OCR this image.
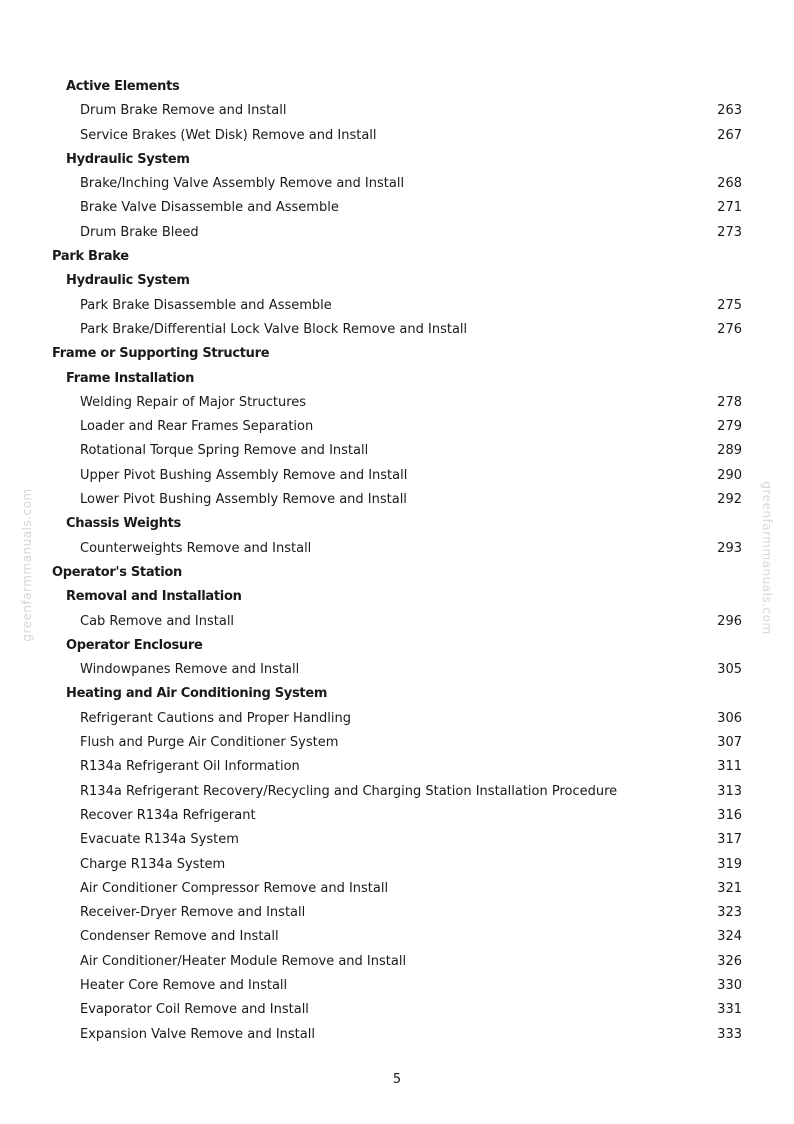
Active Elements
Drum Brake Remove and Install	263
Service Brakes (Wet Disk) Remove and Install	267
Hydraulic System
Brake/Inching Valve Assembly Remove and Install	268
Brake Valve Disassemble and Assemble	271
Drum Brake Bleed	273
Park Brake
Hydraulic System
Park Brake Disassemble and Assemble	275
Park Brake/Differential Lock Valve Block Remove and Install	276
Frame or Supporting Structure
Frame Installation
Welding Repair of Major Structures	278
Loader and Rear Frames Separation	279
Rotational Torque Spring Remove and Install	289
Upper Pivot Bushing Assembly Remove and Install	290
Lower Pivot Bushing Assembly Remove and Install	292
Chassis Weights
Counterweights Remove and Install	293
Operator's Station
Removal and Installation
Cab Remove and Install	296
Operator Enclosure
Windowpanes Remove and Install	305
Heating and Air Conditioning System
Refrigerant Cautions and Proper Handling	306
Flush and Purge Air Conditioner System	307
R134a Refrigerant Oil Information	311
R134a Refrigerant Recovery/Recycling and Charging Station Installation Procedure	313
Recover R134a Refrigerant	316
Evacuate R134a System	317
Charge R134a System	319
Air Conditioner Compressor Remove and Install	321
Receiver-Dryer Remove and Install	323
Condenser Remove and Install	324
Air Conditioner/Heater Module Remove and Install	326
Heater Core Remove and Install	330
Evaporator Coil Remove and Install	331
Expansion Valve Remove and Install	333
5
greenfarmmanuals.com	greenfarmmanuals.com
